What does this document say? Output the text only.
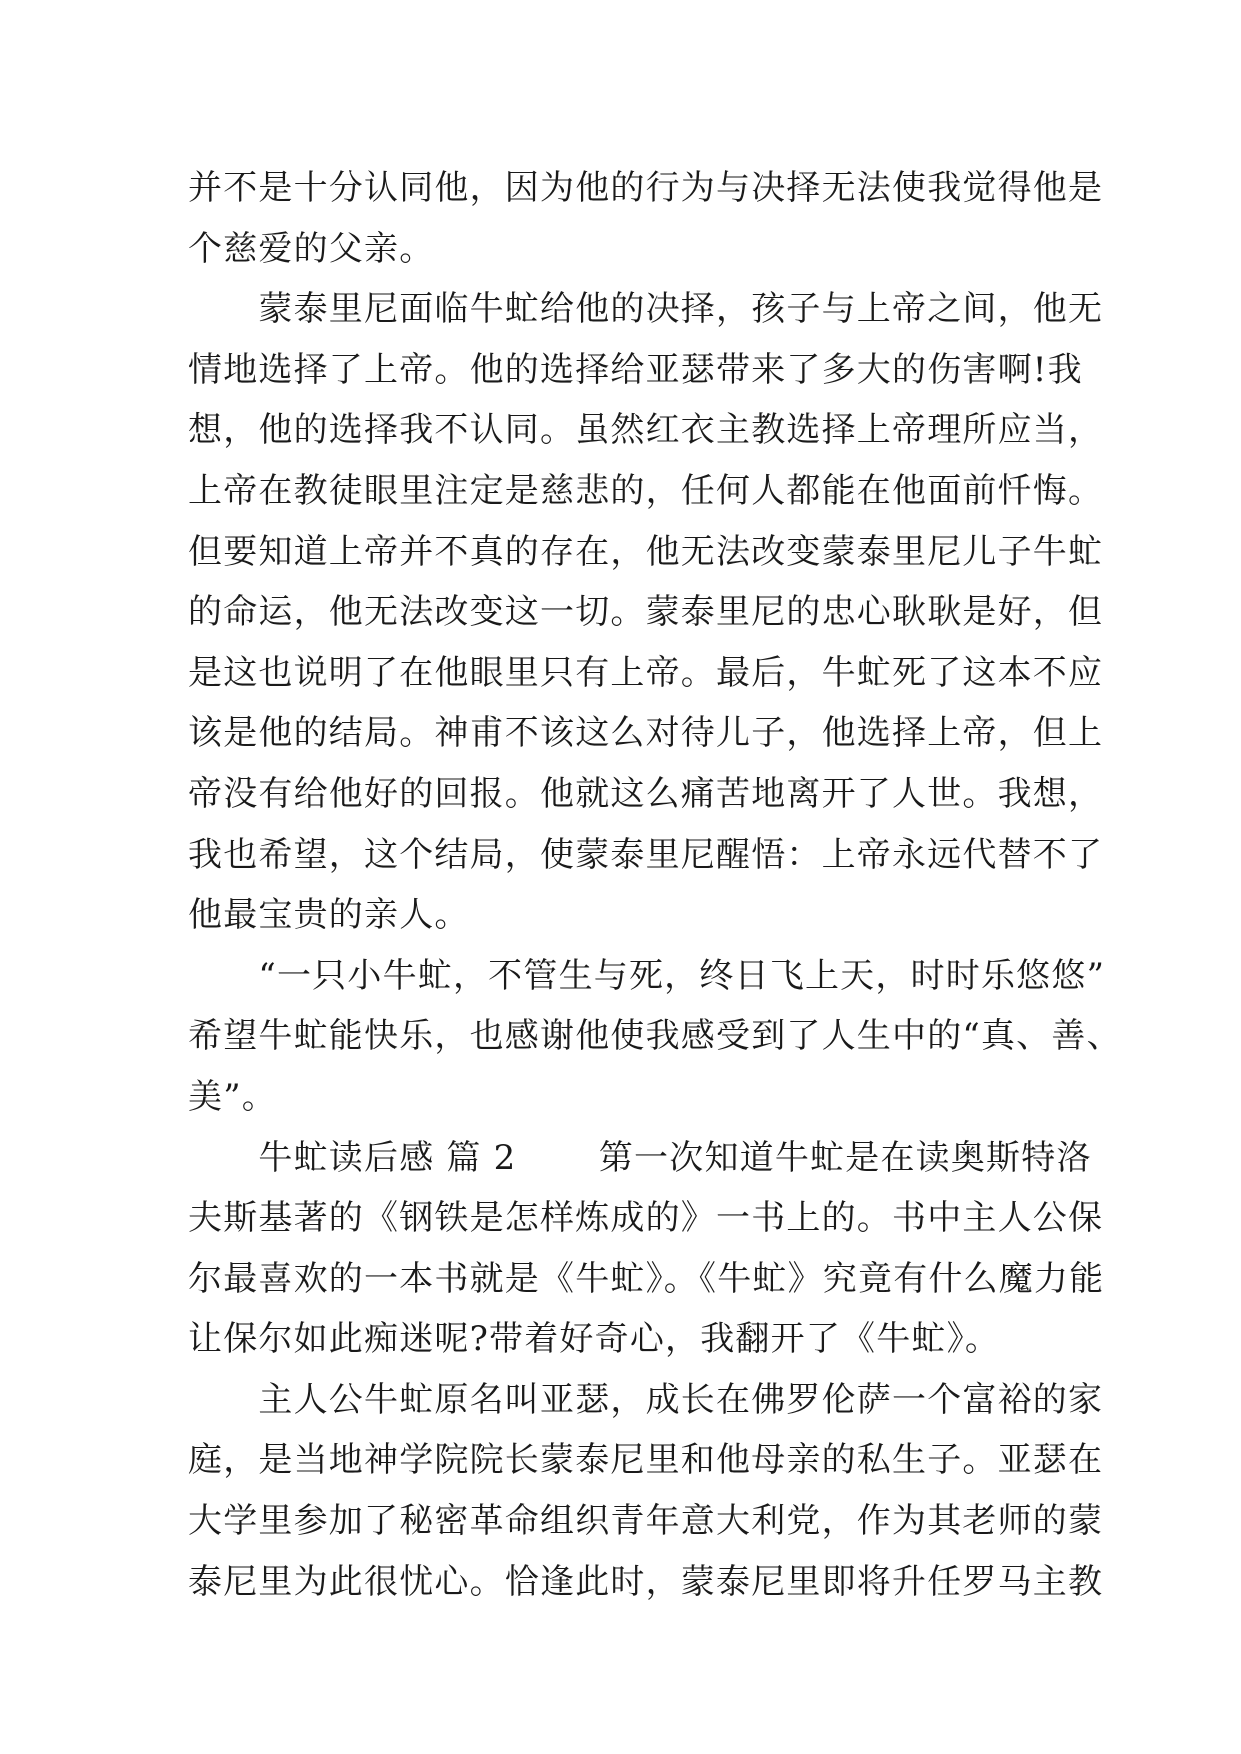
并不是十分认同他，因为他的行为与决择无法使我觉得他是
个慈爱的父亲。
　　蒙泰里尼面临牛虻给他的决择，孩子与上帝之间，他无
情地选择了上帝。他的选择给亚瑟带来了多大的伤害啊!我
想，他的选择我不认同。虽然红衣主教选择上帝理所应当，
上帝在教徒眼里注定是慈悲的，任何人都能在他面前忏悔。
但要知道上帝并不真的存在，他无法改变蒙泰里尼儿子牛虻
的命运，他无法改变这一切。蒙泰里尼的忠心耿耿是好，但
是这也说明了在他眼里只有上帝。最后，牛虻死了这本不应
该是他的结局。神甫不该这么对待儿子，他选择上帝，但上
帝没有给他好的回报。他就这么痛苦地离开了人世。我想，
我也希望，这个结局，使蒙泰里尼醒悟：上帝永远代替不了
他最宝贵的亲人。
　　“一只小牛虻，不管生与死，终日飞上天，时时乐悠悠”
希望牛虻能快乐，也感谢他使我感受到了人生中的“真、善、
美”。
　　牛虻读后感 篇 2　　 第一次知道牛虻是在读奥斯特洛
夫斯基著的《钢铁是怎样炼成的》一书上的。书中主人公保
尔最喜欢的一本书就是《牛虻》。《牛虻》究竟有什么魔力能
让保尔如此痴迷呢?带着好奇心，我翻开了《牛虻》。
　　主人公牛虻原名叫亚瑟，成长在佛罗伦萨一个富裕的家
庭，是当地神学院院长蒙泰尼里和他母亲的私生子。亚瑟在
大学里参加了秘密革命组织青年意大利党，作为其老师的蒙
泰尼里为此很忧心。恰逢此时，蒙泰尼里即将升任罗马主教
